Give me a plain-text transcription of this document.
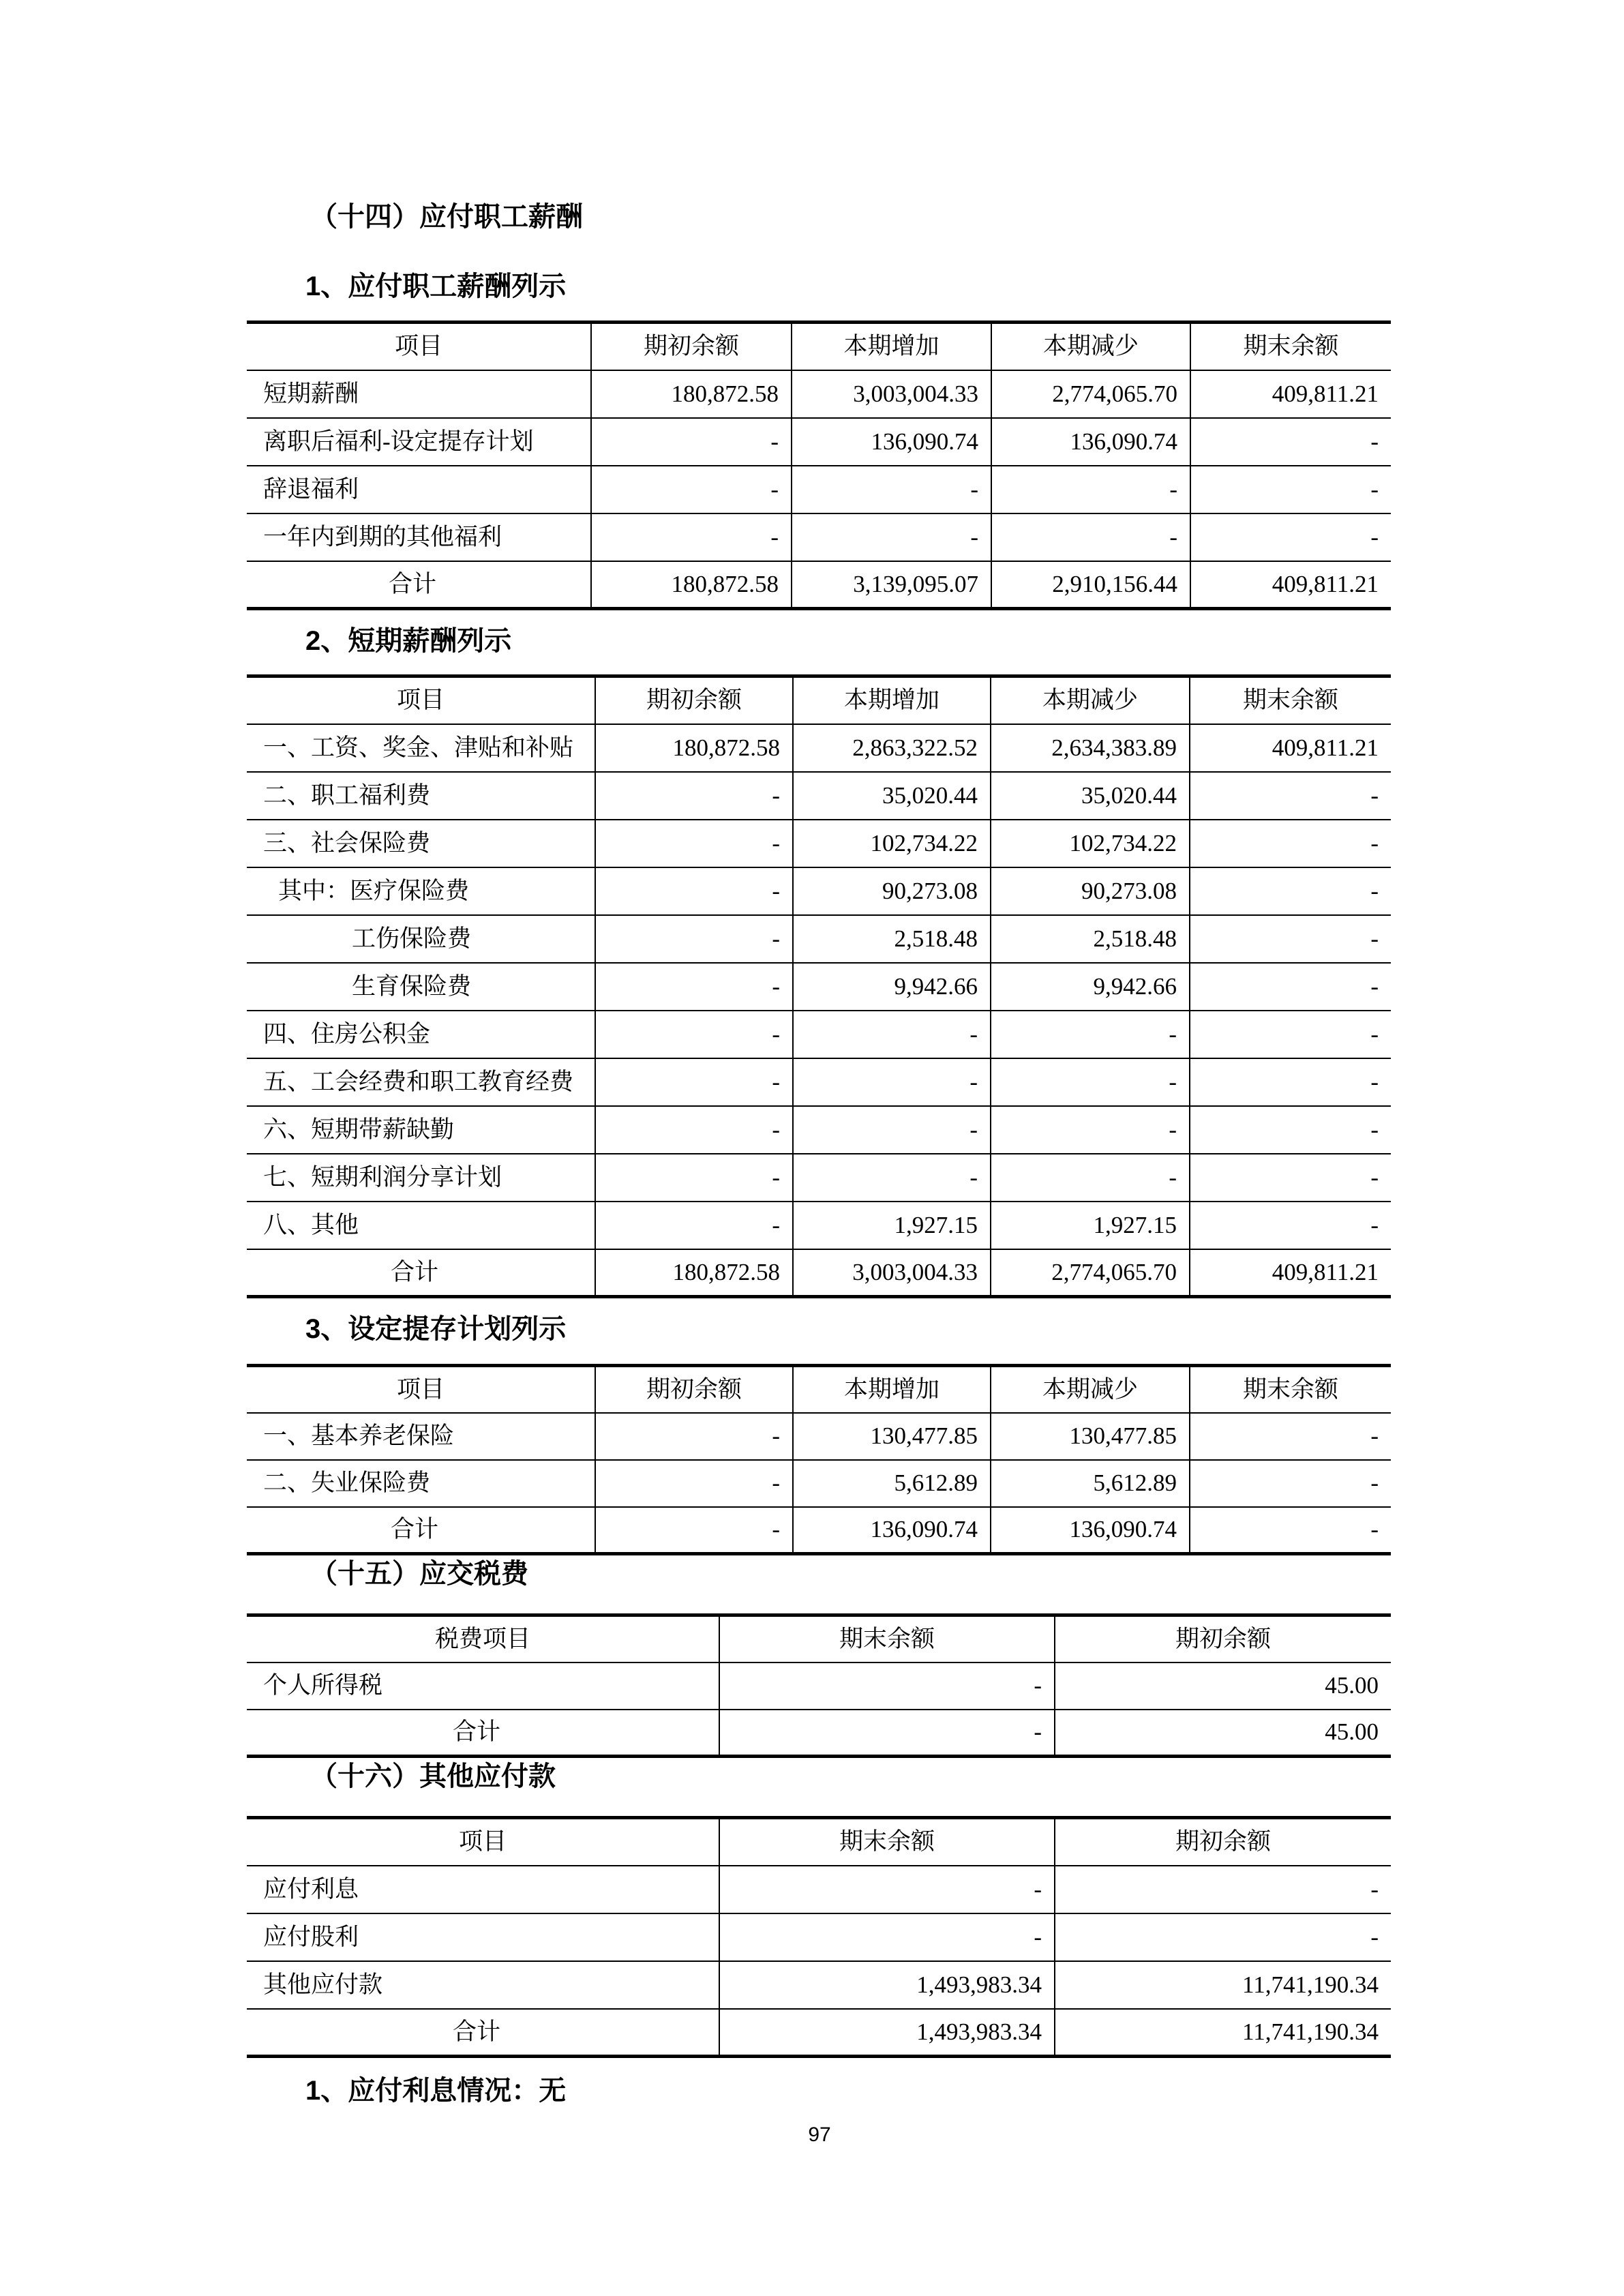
（十四）应付职工薪酬
1、应付职工薪酬列示
项目	期初余额	本期增加	本期减少	期末余额
短期薪酬	180,872.58	3,003,004.33	2,774,065.70	409,811.21
离职后福利-设定提存计划	-	136,090.74	136,090.74	-
辞退福利	-	-	-	-
一年内到期的其他福利	-	-	-	-
合计	180,872.58	3,139,095.07	2,910,156.44	409,811.21
2、短期薪酬列示
项目	期初余额	本期增加	本期减少	期末余额
一、工资、奖金、津贴和补贴	180,872.58	2,863,322.52	2,634,383.89	409,811.21
二、职工福利费	-	35,020.44	35,020.44	-
三、社会保险费	-	102,734.22	102,734.22	-
其中：医疗保险费	-	90,273.08	90,273.08	-
工伤保险费	-	2,518.48	2,518.48	-
生育保险费	-	9,942.66	9,942.66	-
四、住房公积金	-	-	-	-
五、工会经费和职工教育经费	-	-	-	-
六、短期带薪缺勤	-	-	-	-
七、短期利润分享计划	-	-	-	-
八、其他	-	1,927.15	1,927.15	-
合计	180,872.58	3,003,004.33	2,774,065.70	409,811.21
3、设定提存计划列示
项目	期初余额	本期增加	本期减少	期末余额
一、基本养老保险	-	130,477.85	130,477.85	-
二、失业保险费	-	5,612.89	5,612.89	-
合计	-	136,090.74	136,090.74	-
（十五）应交税费
税费项目	期末余额	期初余额
个人所得税	-	45.00
合计	-	45.00
（十六）其他应付款
项目	期末余额	期初余额
应付利息	-	-
应付股利	-	-
其他应付款	1,493,983.34	11,741,190.34
合计	1,493,983.34	11,741,190.34
1、应付利息情况：无
97
